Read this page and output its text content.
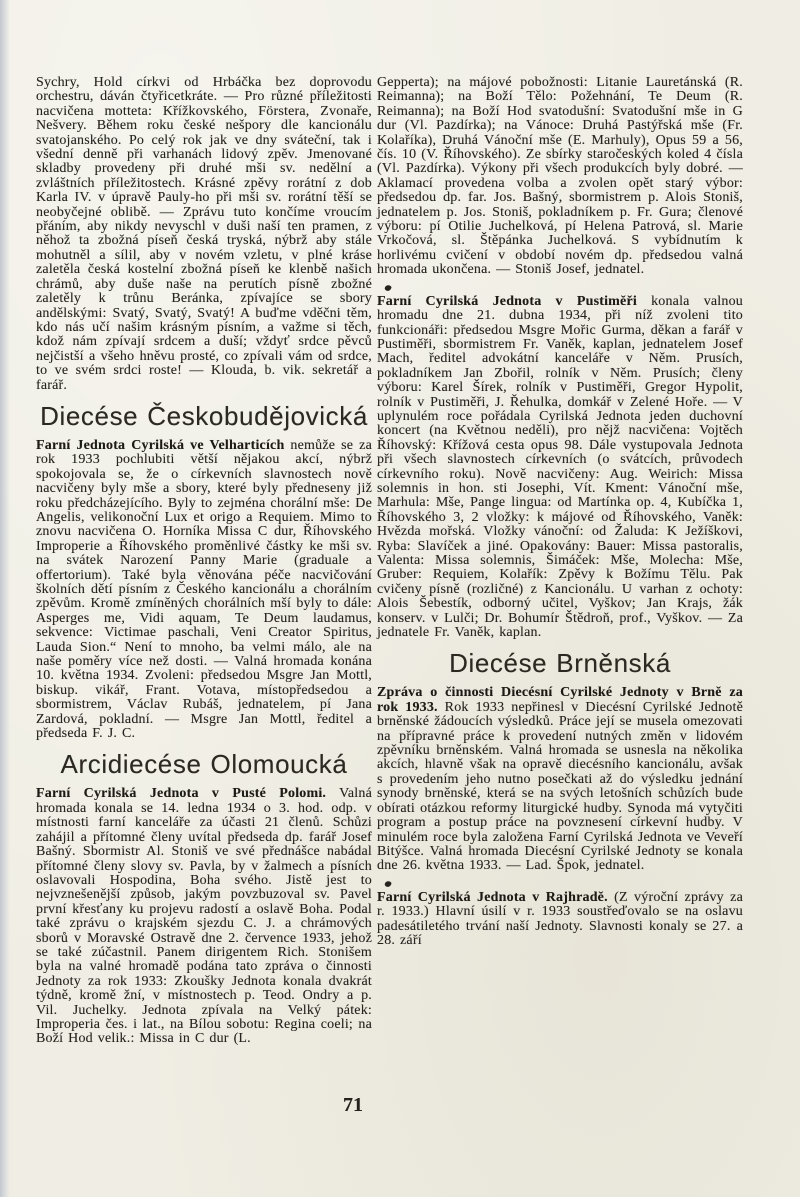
Sychry, Hold církvi od Hrbáčka bez doprovodu orchestru, dáván čtyřicetkráte. — Pro různé příležitosti nacvičena motteta: Křížkovského, Förstera, Zvonaře, Nešvery. Během roku české nešpory dle kancionálu svatojanského. Po celý rok jak ve dny sváteční, tak i všední denně při varhanách lidový zpěv. Jmenované skladby provedeny při druhé mši sv. nedělní a zvláštních příležitostech. Krásné zpěvy rorátní z dob Karla IV. v úpravě Pauly-ho při mši sv. rorátní těší se neobyčejné oblibě. — Zprávu tuto končíme vroucím přáním, aby nikdy nevyschl v duši naší ten pramen, z něhož ta zbožná píseň česká tryská, nýbrž aby stále mohutněl a sílil, aby v novém vzletu, v plné kráse zaletěla česká kostelní zbožná píseň ke klenbě našich chrámů, aby duše naše na perutích písně zbožné zaletěly k trůnu Beránka, zpívajíce se sbory andělskými: Svatý, Svatý, Svatý! A buďme vděčni těm, kdo nás učí našim krásným písním, a važme si těch, kdož nám zpívají srdcem a duší; vždyť srdce pěvců nejčistší a všeho hněvu prosté, co zpívali vám od srdce, to ve svém srdci roste! — Klouda, b. vik. sekretář a farář.

Diecése Českobudějovická

Farní Jednota Cyrilská ve Velharticích nemůže se za rok 1933 pochlubiti větší nějakou akcí, nýbrž spokojovala se, že o církevních slavnostech nově nacvičeny byly mše a sbory, které byly předneseny již roku předcházejícího. Byly to zejména chorální mše: De Angelis, velikonoční Lux et origo a Requiem. Mimo to znovu nacvičena O. Horníka Missa C dur, Říhovského Improperie a Říhovského proměnlivé částky ke mši sv. na svátek Narození Panny Marie (graduale a offertorium). Také byla věnována péče nacvičování školních dětí písním z Českého kancionálu a chorálním zpěvům. Kromě zmíněných chorálních mší byly to dále: Asperges me, Vidi aquam, Te Deum laudamus, sekvence: Victimae paschali, Veni Creator Spiritus, Lauda Sion.“ Není to mnoho, ba velmi málo, ale na naše poměry více než dosti. — Valná hromada konána 10. května 1934. Zvoleni: předsedou Msgre Jan Mottl, biskup. vikář, Frant. Votava, místopředsedou a sbormistrem, Václav Rubáš, jednatelem, pí Jana Zardová, pokladní. — Msgre Jan Mottl, ředitel a předseda F. J. C.

Arcidiecése Olomoucká

Farní Cyrilská Jednota v Pusté Polomi. Valná hromada konala se 14. ledna 1934 o 3. hod. odp. v místnosti farní kanceláře za účasti 21 členů. Schůzi zahájil a přítomné členy uvítal předseda dp. farář Josef Bašný. Sbormistr Al. Stoniš ve své přednášce nabádal přítomné členy slovy sv. Pavla, by v žalmech a písních oslavovali Hospodina, Boha svého. Jistě jest to nejvznešenější způsob, jakým povzbuzoval sv. Pavel první křesťany ku projevu radostí a oslavě Boha. Podal také zprávu o krajském sjezdu C. J. a chrámových sborů v Moravské Ostravě dne 2. července 1933, jehož se také zúčastnil. Panem dirigentem Rich. Stonišem byla na valné hromadě podána tato zpráva o činnosti Jednoty za rok 1933: Zkoušky Jednota konala dvakrát týdně, kromě žní, v místnostech p. Teod. Ondry a p. Vil. Juchelky. Jednota zpívala na Velký pátek: Improperia čes. i lat., na Bílou sobotu: Regina coeli; na Boží Hod velik.: Missa in C dur (L.

Gepperta); na májové pobožnosti: Litanie Lauretánská (R. Reimanna); na Boží Tělo: Požehnání, Te Deum (R. Reimanna); na Boží Hod svatodušní: Svatodušní mše in G dur (Vl. Pazdírka); na Vánoce: Druhá Pastýřská mše (Fr. Kolaříka), Druhá Vánoční mše (E. Marhuly), Opus 59 a 56, čís. 10 (V. Říhovského). Ze sbírky staročeských koled 4 čísla (Vl. Pazdírka). Výkony při všech produkcích byly dobré. — Aklamací provedena volba a zvolen opět starý výbor: předsedou dp. far. Jos. Bašný, sbormistrem p. Alois Stoniš, jednatelem p. Jos. Stoniš, pokladníkem p. Fr. Gura; členové výboru: pí Otilie Juchelková, pí Helena Patrová, sl. Marie Vrkočová, sl. Štěpánka Juchelková. S vybídnutím k horlivému cvičení v období novém dp. předsedou valná hromada ukončena. — Stoniš Josef, jednatel.

Farní Cyrilská Jednota v Pustiměři konala valnou hromadu dne 21. dubna 1934, při níž zvoleni tito funkcionáři: předsedou Msgre Mořic Gurma, děkan a farář v Pustiměři, sbormistrem Fr. Vaněk, kaplan, jednatelem Josef Mach, ředitel advokátní kanceláře v Něm. Prusích, pokladníkem Jan Zbořil, rolník v Něm. Prusích; členy výboru: Karel Šírek, rolník v Pustiměři, Gregor Hypolit, rolník v Pustiměři, J. Řehulka, domkář v Zelené Hoře. — V uplynulém roce pořádala Cyrilská Jednota jeden duchovní koncert (na Květnou neděli), pro nějž nacvičena: Vojtěch Říhovský: Křížová cesta opus 98. Dále vystupovala Jednota při všech slavnostech církevních (o svátcích, průvodech církevního roku). Nově nacvičeny: Aug. Weirich: Missa solemnis in hon. sti Josephi, Vít. Kment: Vánoční mše, Marhula: Mše, Pange lingua: od Martínka op. 4, Kubíčka 1, Říhovského 3, 2 vložky: k májové od Říhovského, Vaněk: Hvězda mořská. Vložky vánoční: od Žaluda: K Ježíškovi, Ryba: Slavíček a jiné. Opakovány: Bauer: Missa pastoralis, Valenta: Missa solemnis, Šimáček: Mše, Molecha: Mše, Gruber: Requiem, Kolařík: Zpěvy k Božímu Tělu. Pak cvičeny písně (rozličné) z Kancionálu. U varhan z ochoty: Alois Šebestík, odborný učitel, Vyškov; Jan Krajs, žák konserv. v Lulči; Dr. Bohumír Štědroň, prof., Vyškov. — Za jednatele Fr. Vaněk, kaplan.

Diecése Brněnská

Zpráva o činnosti Diecésní Cyrilské Jednoty v Brně za rok 1933. Rok 1933 nepřinesl v Diecésní Cyrilské Jednotě brněnské žádoucích výsledků. Práce její se musela omezovati na přípravné práce k provedení nutných změn v lidovém zpěvníku brněnském. Valná hromada se usnesla na několika akcích, hlavně však na opravě diecésního kancionálu, avšak s provedením jeho nutno posečkati až do výsledku jednání synody brněnské, která se na svých letošních schůzích bude obírati otázkou reformy liturgické hudby. Synoda má vytyčiti program a postup práce na povznesení církevní hudby. V minulém roce byla založena Farní Cyrilská Jednota ve Veveří Bitýšce. Valná hromada Diecésní Cyrilské Jednoty se konala dne 26. května 1933. — Lad. Špok, jednatel.

Farní Cyrilská Jednota v Rajhradě. (Z výroční zprávy za r. 1933.) Hlavní úsilí v r. 1933 soustřeďovalo se na oslavu padesátiletého trvání naší Jednoty. Slavnosti konaly se 27. a 28. září

71
